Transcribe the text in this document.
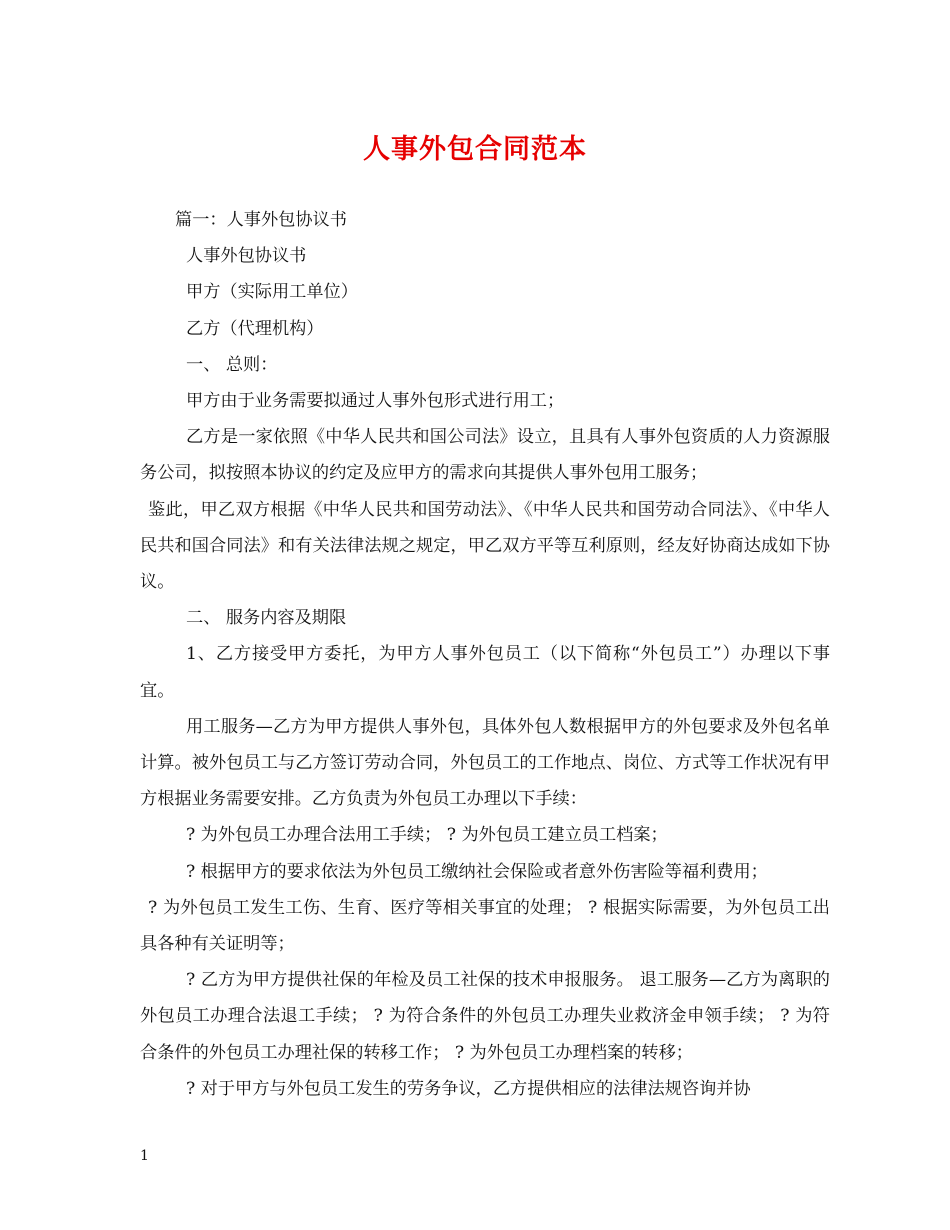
人事外包合同范本

篇一：人事外包协议书

人事外包协议书

甲方（实际用工单位）

乙方（代理机构）

一、 总则：

甲方由于业务需要拟通过人事外包形式进行用工；

乙方是一家依照《中华人民共和国公司法》设立，且具有人事外包资质的人力资源服务公司，拟按照本协议的约定及应甲方的需求向其提供人事外包用工服务；

鉴此，甲乙双方根据《中华人民共和国劳动法》、《中华人民共和国劳动合同法》、《中华人民共和国合同法》和有关法律法规之规定，甲乙双方平等互利原则，经友好协商达成如下协议。

二、 服务内容及期限

1、乙方接受甲方委托，为甲方人事外包员工（以下简称“外包员工”）办理以下事宜。

用工服务—乙方为甲方提供人事外包，具体外包人数根据甲方的外包要求及外包名单计算。被外包员工与乙方签订劳动合同，外包员工的工作地点、岗位、方式等工作状况有甲方根据业务需要安排。乙方负责为外包员工办理以下手续：

? 为外包员工办理合法用工手续； ? 为外包员工建立员工档案；

? 根据甲方的要求依法为外包员工缴纳社会保险或者意外伤害险等福利费用；

? 为外包员工发生工伤、生育、医疗等相关事宜的处理； ? 根据实际需要，为外包员工出具各种有关证明等；

? 乙方为甲方提供社保的年检及员工社保的技术申报服务。 退工服务—乙方为离职的外包员工办理合法退工手续； ? 为符合条件的外包员工办理失业救济金申领手续； ? 为符合条件的外包员工办理社保的转移工作； ? 为外包员工办理档案的转移；

? 对于甲方与外包员工发生的劳务争议，乙方提供相应的法律法规咨询并协

1
